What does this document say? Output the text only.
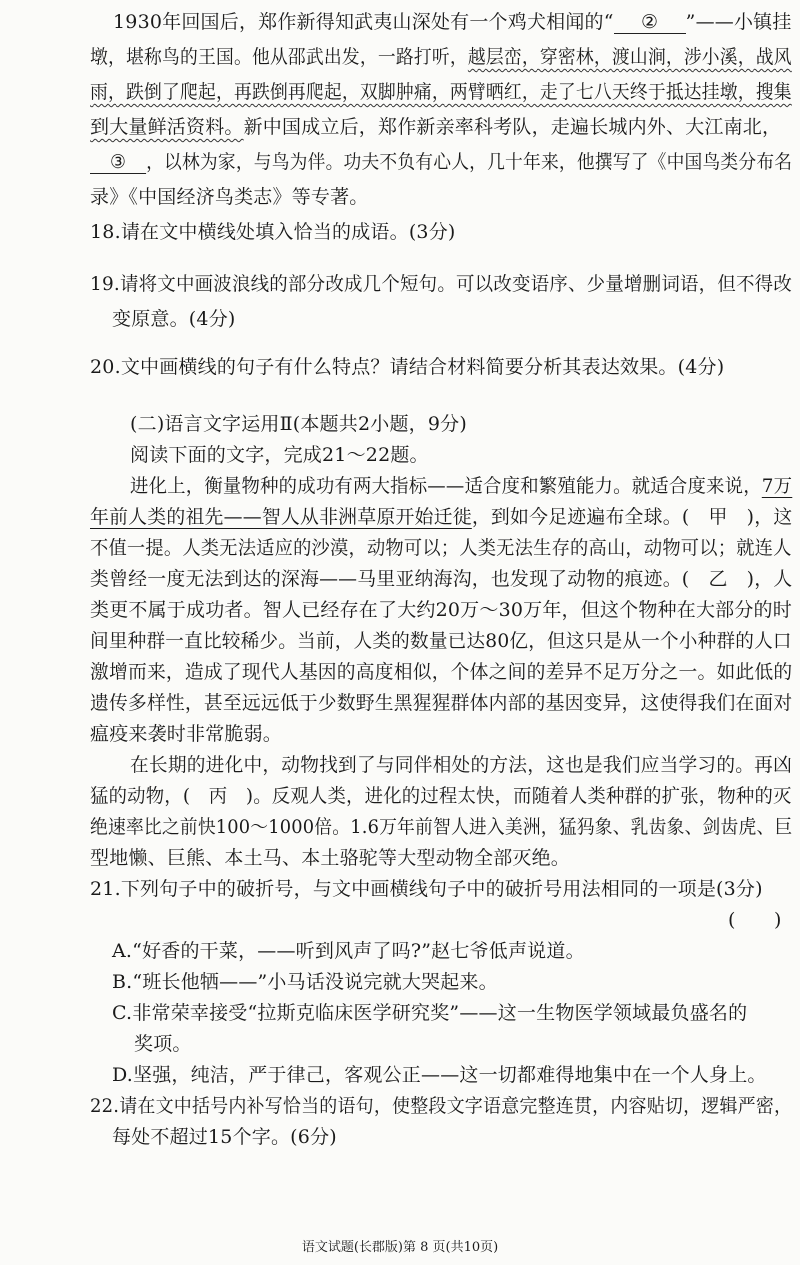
1930年回国后，郑作新得知武夷山深处有一个鸡犬相闻的“ ② ”——小镇挂
墩，堪称鸟的王国。他从邵武出发，一路打听，越层峦，穿密林，渡山涧，涉小溪，战风
雨，跌倒了爬起，再跌倒再爬起，双脚肿痛，两臂晒红，走了七八天终于抵达挂墩，搜集
到大量鲜活资料。新中国成立后，郑作新亲率科考队，走遍长城内外、大江南北，
③ ，以林为家，与鸟为伴。功夫不负有心人，几十年来，他撰写了《中国鸟类分布名
录》《中国经济鸟类志》等专著。
18.请在文中横线处填入恰当的成语。(3分)
19.请将文中画波浪线的部分改成几个短句。可以改变语序、少量增删词语，但不得改
变原意。(4分)
20.文中画横线的句子有什么特点？请结合材料简要分析其表达效果。(4分)
(二)语言文字运用Ⅱ(本题共2小题，9分)
阅读下面的文字，完成21～22题。
进化上，衡量物种的成功有两大指标——适合度和繁殖能力。就适合度来说，7万
年前人类的祖先——智人从非洲草原开始迁徙，到如今足迹遍布全球。(　甲　)，这
不值一提。人类无法适应的沙漠，动物可以；人类无法生存的高山，动物可以；就连人
类曾经一度无法到达的深海——马里亚纳海沟，也发现了动物的痕迹。(　乙　)，人
类更不属于成功者。智人已经存在了大约20万～30万年，但这个物种在大部分的时
间里种群一直比较稀少。当前，人类的数量已达80亿，但这只是从一个小种群的人口
激增而来，造成了现代人基因的高度相似，个体之间的差异不足万分之一。如此低的
遗传多样性，甚至远远低于少数野生黑猩猩群体内部的基因变异，这使得我们在面对
瘟疫来袭时非常脆弱。
在长期的进化中，动物找到了与同伴相处的方法，这也是我们应当学习的。再凶
猛的动物，(　丙　)。反观人类，进化的过程太快，而随着人类种群的扩张，物种的灭
绝速率比之前快100～1000倍。1.6万年前智人进入美洲，猛犸象、乳齿象、剑齿虎、巨
型地懒、巨熊、本土马、本土骆驼等大型动物全部灭绝。
21.下列句子中的破折号，与文中画横线句子中的破折号用法相同的一项是(3分)
(　　)
A.“好香的干菜，——听到风声了吗?”赵七爷低声说道。
B.“班长他牺——”小马话没说完就大哭起来。
C.非常荣幸接受“拉斯克临床医学研究奖”——这一生物医学领域最负盛名的
奖项。
D.坚强，纯洁，严于律己，客观公正——这一切都难得地集中在一个人身上。
22.请在文中括号内补写恰当的语句，使整段文字语意完整连贯，内容贴切，逻辑严密，
每处不超过15个字。(6分)
语文试题(长郡版)第 8 页(共10页)
